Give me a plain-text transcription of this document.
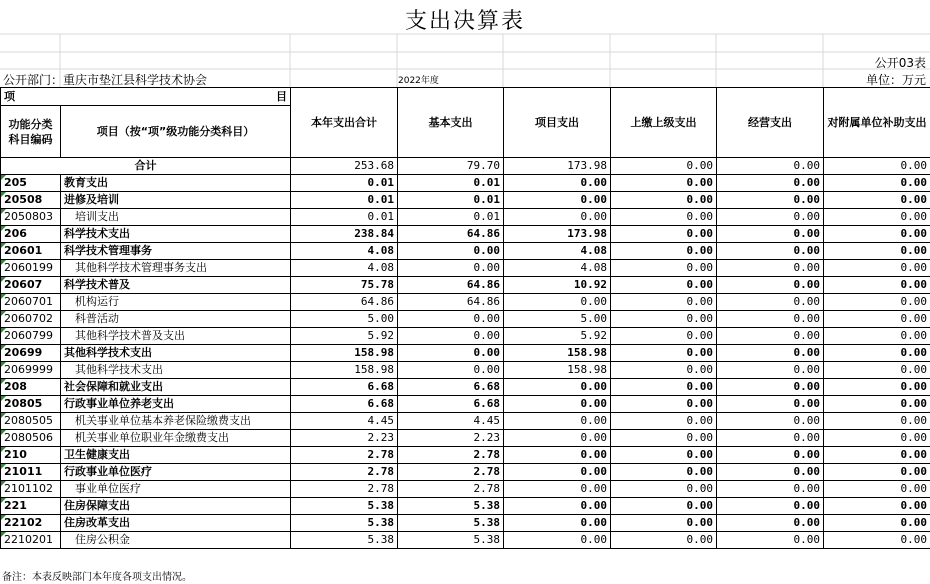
支出决算表
公开03表
公开部门：重庆市垫江县科学技术协会	2022年度	单位：万元
项 目		本年支出合计	基本支出	项目支出	上缴上级支出	经营支出	对附属单位补助支出
功能分类科目编码	项目（按“项”级功能分类科目）						
合计		253.68	79.70	173.98	0.00	0.00	0.00
205	教育支出	0.01	0.01	0.00	0.00	0.00	0.00
20508	进修及培训	0.01	0.01	0.00	0.00	0.00	0.00
2050803	培训支出	0.01	0.01	0.00	0.00	0.00	0.00
206	科学技术支出	238.84	64.86	173.98	0.00	0.00	0.00
20601	科学技术管理事务	4.08	0.00	4.08	0.00	0.00	0.00
2060199	其他科学技术管理事务支出	4.08	0.00	4.08	0.00	0.00	0.00
20607	科学技术普及	75.78	64.86	10.92	0.00	0.00	0.00
2060701	机构运行	64.86	64.86	0.00	0.00	0.00	0.00
2060702	科普活动	5.00	0.00	5.00	0.00	0.00	0.00
2060799	其他科学技术普及支出	5.92	0.00	5.92	0.00	0.00	0.00
20699	其他科学技术支出	158.98	0.00	158.98	0.00	0.00	0.00
2069999	其他科学技术支出	158.98	0.00	158.98	0.00	0.00	0.00
208	社会保障和就业支出	6.68	6.68	0.00	0.00	0.00	0.00
20805	行政事业单位养老支出	6.68	6.68	0.00	0.00	0.00	0.00
2080505	机关事业单位基本养老保险缴费支出	4.45	4.45	0.00	0.00	0.00	0.00
2080506	机关事业单位职业年金缴费支出	2.23	2.23	0.00	0.00	0.00	0.00
210	卫生健康支出	2.78	2.78	0.00	0.00	0.00	0.00
21011	行政事业单位医疗	2.78	2.78	0.00	0.00	0.00	0.00
2101102	事业单位医疗	2.78	2.78	0.00	0.00	0.00	0.00
221	住房保障支出	5.38	5.38	0.00	0.00	0.00	0.00
22102	住房改革支出	5.38	5.38	0.00	0.00	0.00	0.00
2210201	住房公积金	5.38	5.38	0.00	0.00	0.00	0.00
备注：本表反映部门本年度各项支出情况。
